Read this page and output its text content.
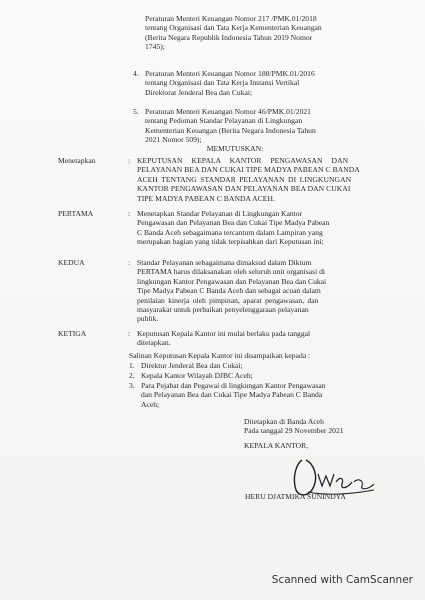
Peraturan Menteri Keuangan Nomor 217 /PMK.01/2018
tentang Organisasi dan Tata Kerja Kementerian Keuangan
(Berita Negara Republik Indonesia Tahun 2019 Nomor
1745);
4. Peraturan Menteri Keuangan Nomor 188/PMK.01/2016
tentang Organisasi dan Tata Kerja Instansi Vertikal
Direktorat Jenderal Bea dan Cukai;
5. Peraturan Menteri Keuangan Nomor 46/PMK.01/2021
tentang Pedoman Standar Pelayanan di Lingkungan
Kementerian Keuangan (Berita Negara Indonesia Tahun
2021 Nomor 509);
MEMUTUSKAN:
Menetapkan	: KEPUTUSAN KEPALA KANTOR PENGAWASAN DAN
PELAYANAN BEA DAN CUKAI TIPE MADYA PABEAN C BANDA
ACEH TENTANG STANDAR PELAYANAN DI LINGKUNGAN
KANTOR PENGAWASAN DAN PELAYANAN BEA DAN CUKAI
TIPE MADYA PABEAN C BANDA ACEH.
PERTAMA	: Menetapkan Standar Pelayanan di Lingkungan Kantor
Pengawasan dan Pelayanan Bea dan Cukai Tipe Madya Pabean
C Banda Aceh sebagaimana tercantum dalam Lampiran yang
merupakan bagian yang tidak terpisahkan dari Keputusan ini;
KEDUA	: Standar Pelayanan sebagaimana dimaksud dalam Diktum
PERTAMA harus dilaksanakan oleh seluruh unit organisasi di
lingkungan Kantor Pengawasan dan Pelayanan Bea dan Cukai
Tipe Madya Pabean C Banda Aceh dan sebagai acuan dalam
penilaian kinerja oleh pimpinan, aparat pengawasan, dan
masyarakat untuk perbaikan penyelenggaraan pelayanan
publik.
KETIGA	: Keputusan Kepala Kantor ini mulai berlaku pada tanggal
ditetapkan.
Salinan Keputusan Kepala Kantor ini disampaikan kepada :
1. Direktur Jenderal Bea dan Cukai;
2. Kepala Kantor Wilayah DJBC Aceh;
3. Para Pejabat dan Pegawai di lingkungan Kantor Pengawasan
dan Pelayanan Bea dan Cukai Tipe Madya Pabean C Banda
Aceh;
Ditetapkan di Banda Aceh
Pada tanggal 29 November 2021
KEPALA KANTOR,
HERU DJATMIKA SUNINDYA
Scanned with CamScanner
